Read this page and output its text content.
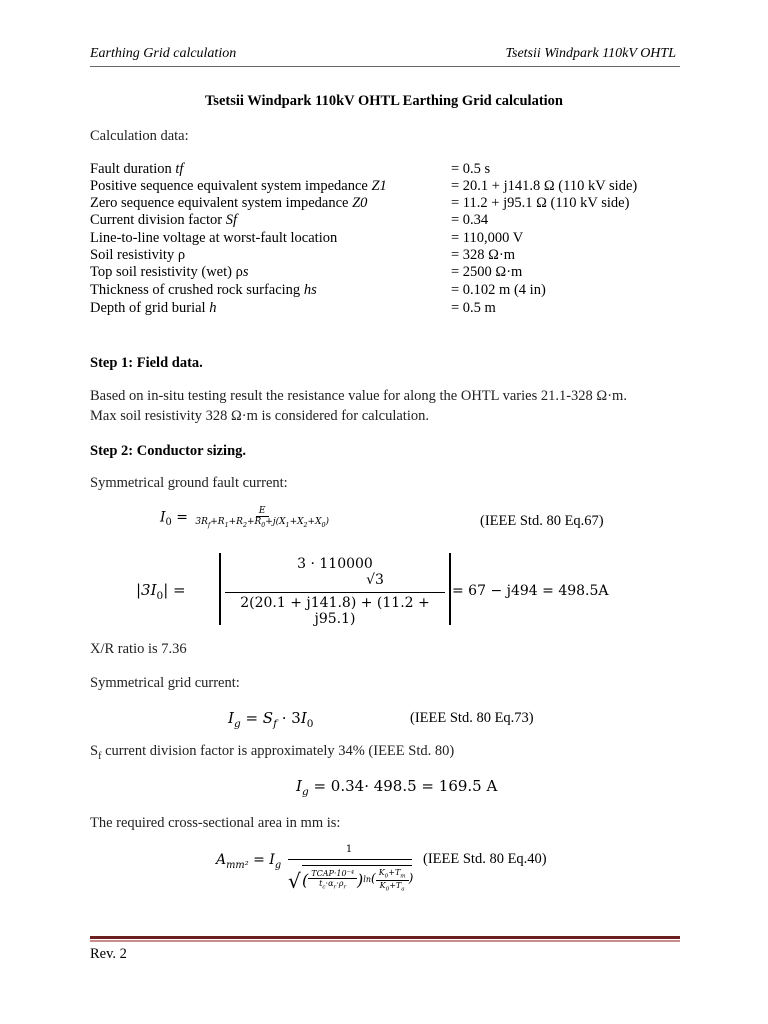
Earthing Grid calculation	Tsetsii Windpark 110kV OHTL
Tsetsii Windpark 110kV OHTL Earthing Grid calculation
Calculation data:
Fault duration tf	= 0.5 s
Positive sequence equivalent system impedance Z1	= 20.1 + j141.8 Ω (110 kV side)
Zero sequence equivalent system impedance Z0	= 11.2 + j95.1 Ω (110 kV side)
Current division factor Sf	= 0.34
Line-to-line voltage at worst-fault location	= 110,000 V
Soil resistivity ρ	= 328 Ω·m
Top soil resistivity (wet) ρs	= 2500 Ω·m
Thickness of crushed rock surfacing hs	= 0.102 m (4 in)
Depth of grid burial h	= 0.5 m
Step 1: Field data.
Based on in-situ testing result the resistance value for along the OHTL varies 21.1-328 Ω·m.
Max soil resistivity 328 Ω·m is considered for calculation.
Step 2: Conductor sizing.
Symmetrical ground fault current:
$I_0 = \frac{E}{3R_f+R_1+R_2+R_0+j(X_1+X_2+X_0)}$	(IEEE Std. 80 Eq.67)
$|3I_0|$ =
3 · 110000
√3
2(20.1 + j141.8) + (11.2 + j95.1)
= 67 − j494 = 498.5A
X/R ratio is 7.36
Symmetrical grid current:
$I_g = S_f \cdot 3I_0$	(IEEE Std. 80 Eq.73)
$S_f$ current division factor is approximately 34% (IEEE Std. 80)
$I_g = 0.34\cdot 498.5 = 169.5$ A
The required cross-sectional area in mm is:
$A_{mm^2} = I_g$
1
√ ( $\frac{\text{TCAP·10⁻⁴}}{t_c\cdot\alpha_r\cdot\rho_r} )\ln( \frac{K_0+T_m}{K_0+T_a}$ )
(IEEE Std. 80 Eq.40)
Rev. 2
